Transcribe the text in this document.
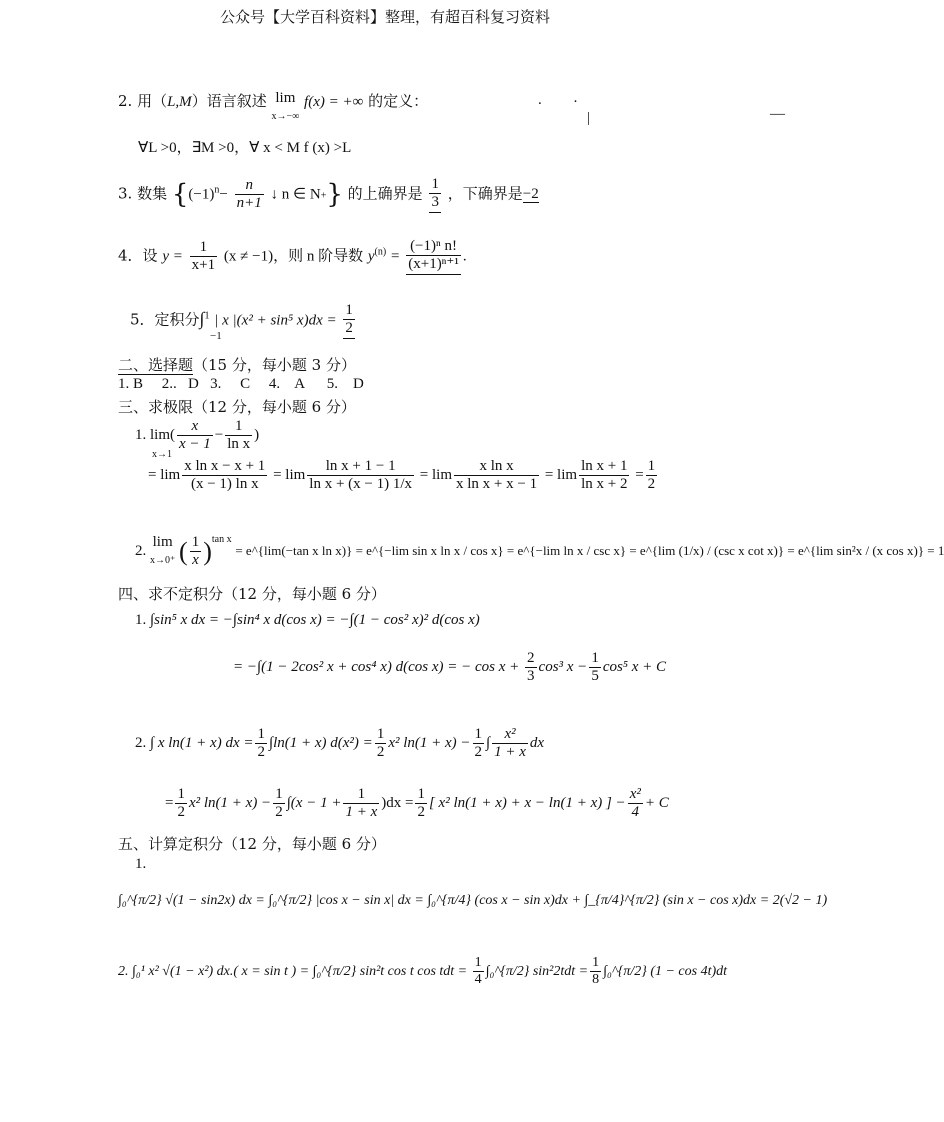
公众号【大学百科资料】整理，有超百科复习资料
. ·
|	—
2. 用（L,M）语言叙述 lim
x→−∞ f(x) = +∞ 的定义：
∀L >0，∃M >0，∀ x < M f (x) >L
3. 数集 {$(-1)^n- \frac{n}{n+1}$ ↓ n ∈ N+} 的上确界是 $\frac{1}{3}$ ，下确界是−2
4．设 $y = \frac{1}{x+1} (x \ne -1)$，则 n 阶导数 $y^{(n)} = \frac{\text{(−1)ⁿ n!}}{\text{(x+1)ⁿ⁺¹}}$ .
5．定积分∫$^1$ | x |(x² + sin⁵ $x)dx = \frac{1}{2}$
−1
二、选择题（15 分，每小题 3 分）
1. B     2..   D   3.     C     4.    A      5.    D
三、求极限（12 分，每小题 6 分）
1. $\lim( \frac{x}{x - 1} - \frac{1}{\text{ln x}}$ )
x→1
= $\lim \frac{\text{x ln x − x + 1}}{\text{(x − 1) ln x}} = \lim \frac{\text{ln x + 1 − 1}}{\text{ln x + (x − 1) 1/x}} = \lim \frac{\text{x ln x}}{\text{x ln x + x − 1}} = \lim \frac{\text{ln x + 1}}{\text{ln x + 2}} = \frac{1}{2}$
2. lim
x→0⁺ ( $\frac{1}{x} )^{tan x}$ = e^{lim(−tan x ln x)} = e^{−lim sin x ln x / cos x} = e^{−lim ln x / csc x} = e^{lim (1/x) / (csc x cot x)} = e^{lim sin²x / (x cos x)} = 1
四、求不定积分（12 分，每小题 6 分）
1. ∫sin⁵ x dx = −∫sin⁴ x d(cos x) = −∫(1 − cos² x)² d(cos x)
= −∫(1 − 2cos² x + cos⁴ x) d(cos x) = − $\cos x + \frac{2}{3} \cos^3$ $x - \frac{1}{5} \cos^5$ x + C
2. ∫ x ln(1 + x) dx = $\frac{1}{2} \int\ln(1 + x) d(x^2) = \frac{1}{2} x^2$ $\ln(1 + x) - \frac{1}{2}$ ∫ $\frac{\text{x²}}{1 + x}$ dx
= $\frac{1}{2} x^2$ $\ln(1 + x) - \frac{1}{2} \int(x - 1 + \frac{1}{1 + x} )dx = \frac{1}{2}$ [ x² ln(1 + x) + x − ln(1 + x) ] − $\frac{\text{x²}}{4} + C$
五、计算定积分（12 分，每小题 6 分）
1.
∫₀^{π/2} √(1 − sin2x) dx = ∫₀^{π/2} |cos x − sin x| dx = ∫₀^{π/4} (cos x − sin x)dx + ∫_{π/4}^{π/2} (sin x − cos x)dx = 2(√2 − 1)
2. ∫₀¹ x² √(1 − x²) dx.( x = sin t ) = ∫₀^{π/2} sin²t cos t cos tdt = $\frac{1}{4}$ ∫₀^{π/2} $\sin^22tdt = \frac{1}{8}$ ∫₀^{π/2} (1 − cos 4t)dt
